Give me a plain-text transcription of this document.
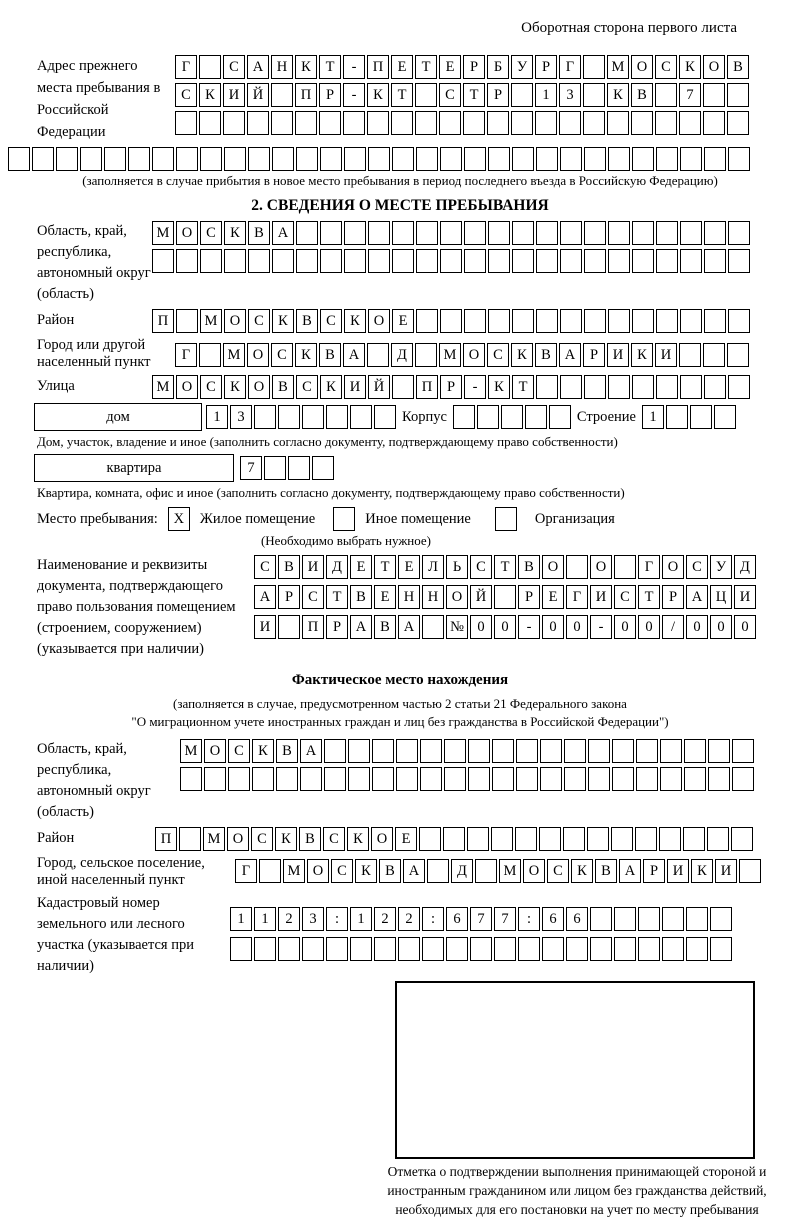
Оборотная сторона первого листа
Адрес прежнего места пребывания в Российской Федерации
Г	С А Н К	Т	-	П Е	Т	Е	Р	Б	У	Р	Г	М О С К О В
С К И Й	П	Р	-	К	Т	С	Т	Р	1	3	К В	7
(заполняется в случае прибытия в новое место пребывания в период последнего въезда в Российскую Федерацию)
2. СВЕДЕНИЯ О МЕСТЕ ПРЕБЫВАНИЯ
Область, край, республика, автономный округ (область)
М О С К В А
Район	П	М О С К В С К О Е
Город или другой населенный пункт	Г	М О С К В А	Д	М О С К В А	Р	И К И
Улица	М О С К О В С К И Й	П	Р	-	К	Т
дом	1	3	Корпус	Строение 1
Дом, участок, владение и иное (заполнить согласно документу, подтверждающему право собственности)
квартира	7
Квартира, комната, офис и иное (заполнить согласно документу, подтверждающему право собственности)
Место пребывания:	X	Жилое помещение	Иное помещение	Организация
(Необходимо выбрать нужное)
Наименование и реквизиты документа, подтверждающего право пользования помещением (строением, сооружением) (указывается при наличии)
С В И Д	Е	Т	Е	Л	Ь	С	Т	В О	О	Г	О С У Д
А	Р	С	Т	В	Е Н Н О Й	Р	Е	Г	И С	Т	Р	А Ц И
И	П	Р	А В А	№ 0	0	-	0	0	-	0	0	/	0	0	0
Фактическое место нахождения
(заполняется в случае, предусмотренном частью 2 статьи 21 Федерального закона
"О миграционном учете иностранных граждан и лиц без гражданства в Российской Федерации")
Область, край, республика, автономный округ (область)
М О С К В А
Район	П	М О С К В С К О Е
Город, сельское поселение, иной населенный пункт
Г	М О С К В А	Д	М О С К В А	Р	И К И
Кадастровый номер земельного или лесного участка (указывается при наличии)
1	1	2	3	:	1	2	2	:	6	7	7	:	6	6
Отметка о подтверждении выполнения принимающей стороной и иностранным гражданином или лицом без гражданства действий, необходимых для его постановки на учет по месту пребывания
